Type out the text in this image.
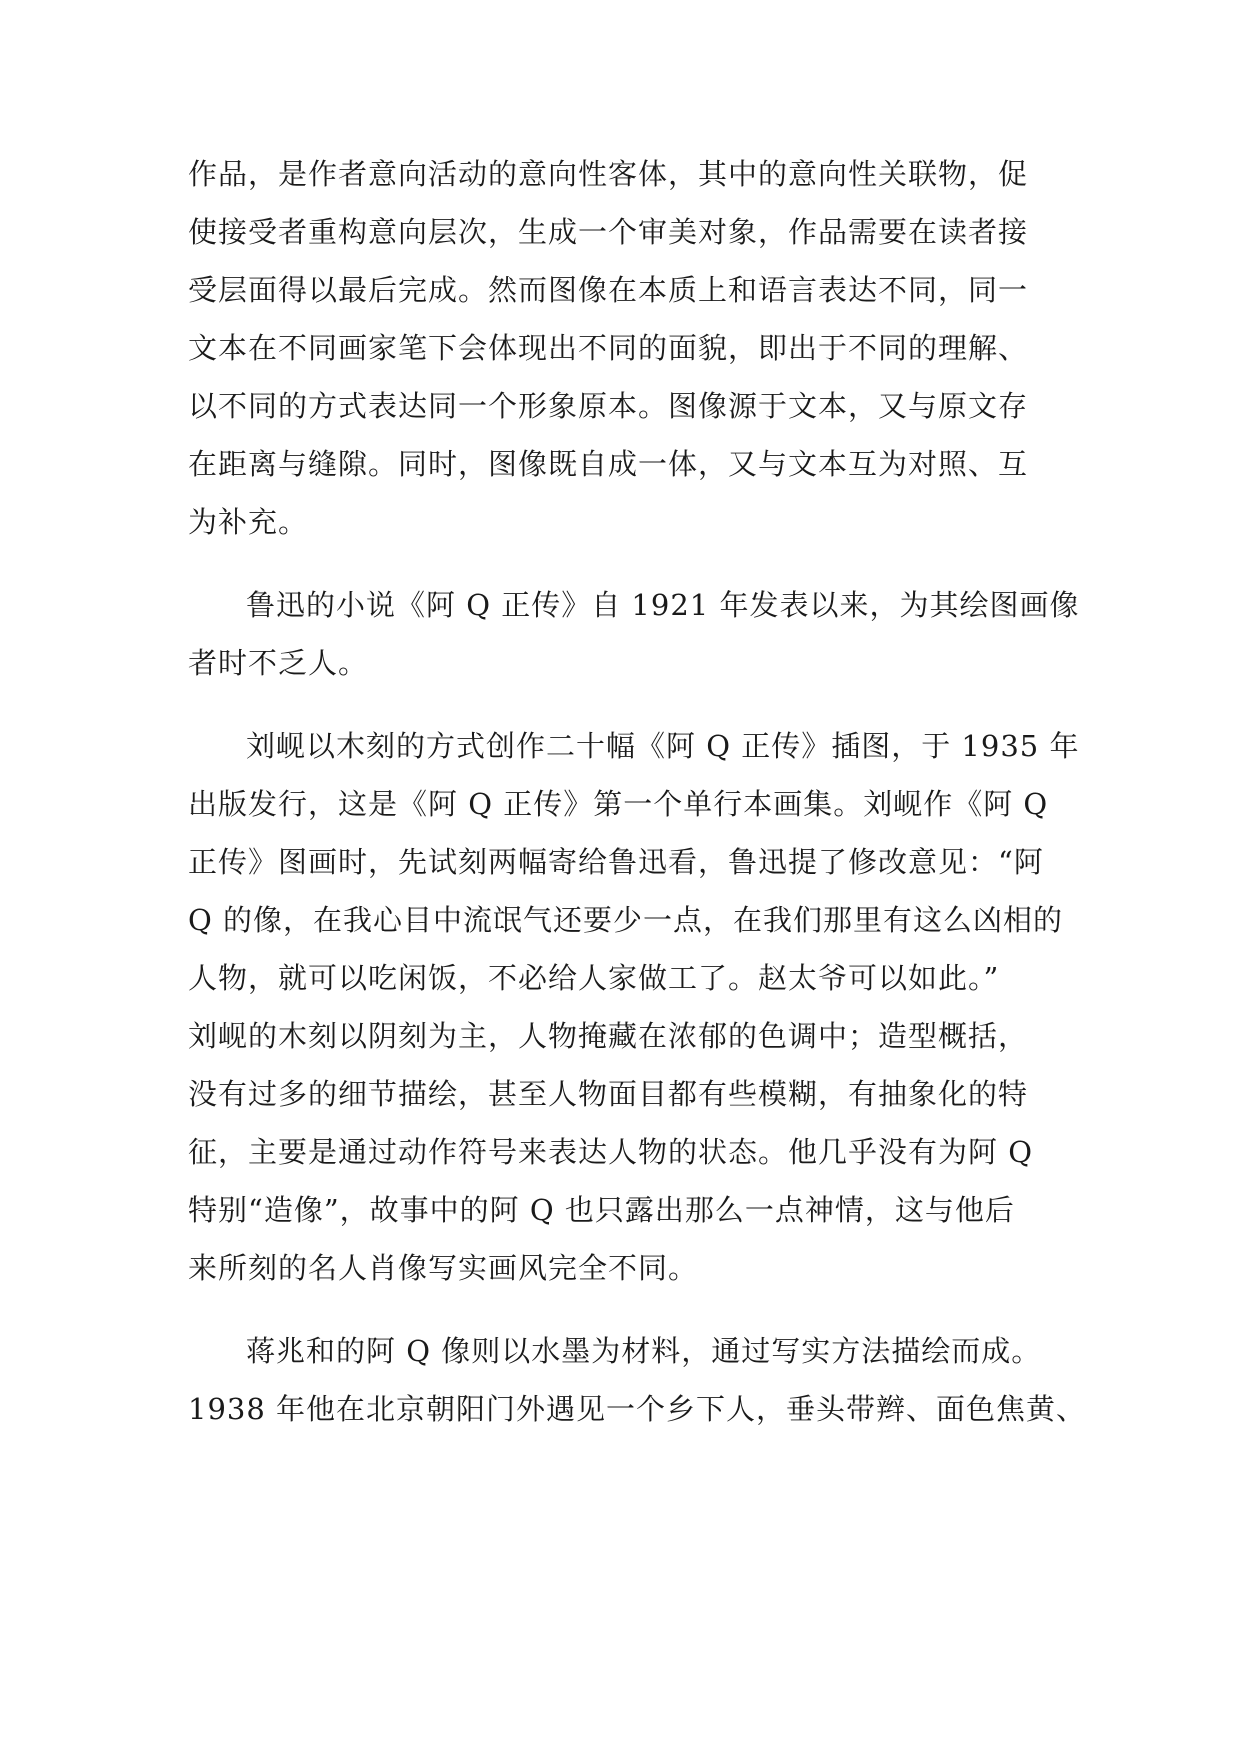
作品，是作者意向活动的意向性客体，其中的意向性关联物，促
使接受者重构意向层次，生成一个审美对象，作品需要在读者接
受层面得以最后完成。然而图像在本质上和语言表达不同，同一
文本在不同画家笔下会体现出不同的面貌，即出于不同的理解、
以不同的方式表达同一个形象原本。图像源于文本，又与原文存
在距离与缝隙。同时，图像既自成一体，又与文本互为对照、互
为补充。
鲁迅的小说《阿 Q 正传》自 1921 年发表以来，为其绘图画像
者时不乏人。
刘岘以木刻的方式创作二十幅《阿 Q 正传》插图，于 1935 年
出版发行，这是《阿 Q 正传》第一个单行本画集。刘岘作《阿 Q
正传》图画时，先试刻两幅寄给鲁迅看，鲁迅提了修改意见：“阿
Q 的像，在我心目中流氓气还要少一点，在我们那里有这么凶相的
人物，就可以吃闲饭，不必给人家做工了。赵太爷可以如此。”
刘岘的木刻以阴刻为主，人物掩藏在浓郁的色调中；造型概括，
没有过多的细节描绘，甚至人物面目都有些模糊，有抽象化的特
征，主要是通过动作符号来表达人物的状态。他几乎没有为阿 Q
特别“造像”，故事中的阿 Q 也只露出那么一点神情，这与他后
来所刻的名人肖像写实画风完全不同。
蒋兆和的阿 Q 像则以水墨为材料，通过写实方法描绘而成。
1938 年他在北京朝阳门外遇见一个乡下人，垂头带辫、面色焦黄、
